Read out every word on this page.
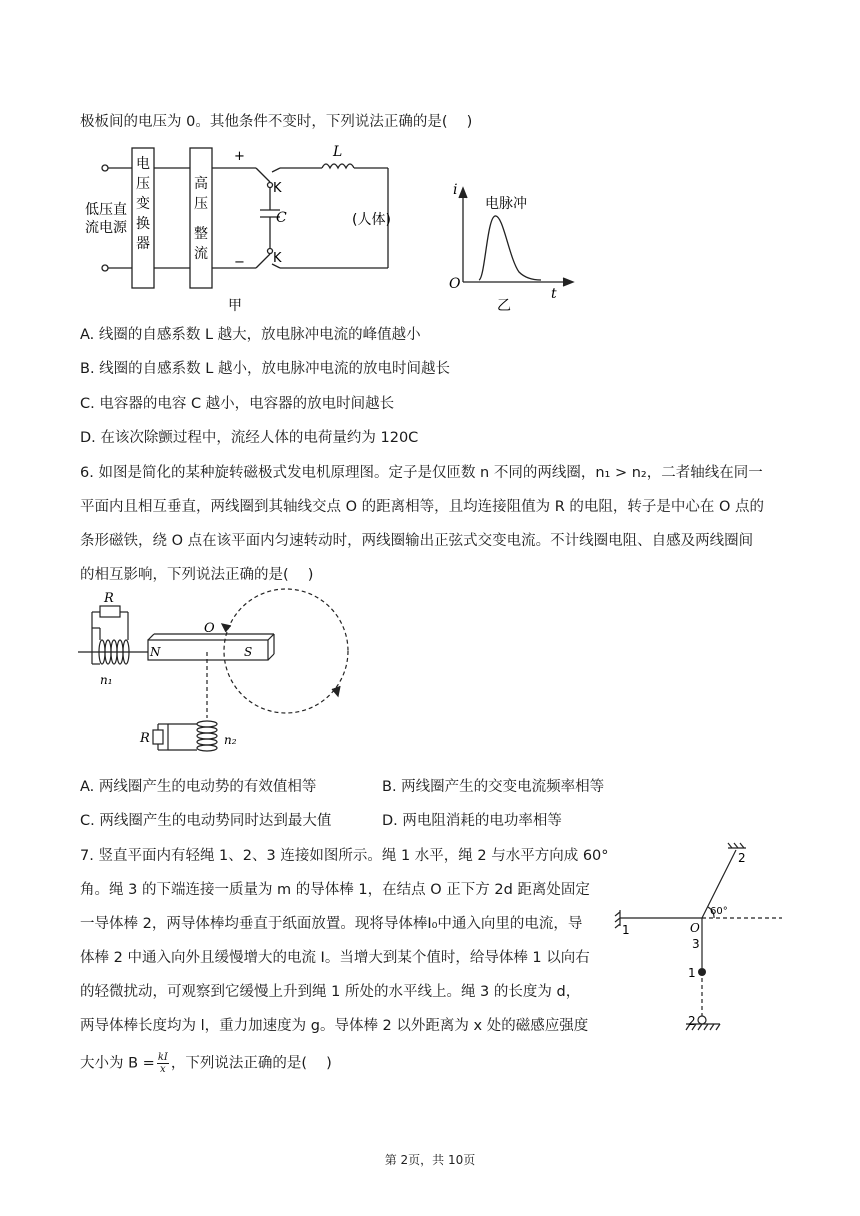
极板间的电压为 0。其他条件不变时，下列说法正确的是(　 )
低压直
流电源
电
压
变
换
器
高
压
整
流
+
−
K
K
C
L
(人体)
甲
i
t
O
电脉冲
乙
A. 线圈的自感系数 L 越大，放电脉冲电流的峰值越小
B. 线圈的自感系数 L 越小，放电脉冲电流的放电时间越长
C. 电容器的电容 C 越小，电容器的放电时间越长
D. 在该次除颤过程中，流经人体的电荷量约为 120C
6. 如图是简化的某种旋转磁极式发电机原理图。定子是仅匝数 n 不同的两线圈，n₁ > n₂，二者轴线在同一
平面内且相互垂直，两线圈到其轴线交点 O 的距离相等，且均连接阻值为 R 的电阻，转子是中心在 O 点的
条形磁铁，绕 O 点在该平面内匀速转动时，两线圈输出正弦式交变电流。不计线圈电阻、自感及两线圈间
的相互影响，下列说法正确的是(　 )
R
n₁
O
N	S
R	n₂
A. 两线圈产生的电动势的有效值相等	B. 两线圈产生的交变电流频率相等
C. 两线圈产生的电动势同时达到最大值	D. 两电阻消耗的电功率相等
7. 竖直平面内有轻绳 1、2、3 连接如图所示。绳 1 水平，绳 2 与水平方向成 60°
角。绳 3 的下端连接一质量为 m 的导体棒 1，在结点 O 正下方 2d 距离处固定
一导体棒 2，两导体棒均垂直于纸面放置。现将导体棒I₀中通入向里的电流，导
体棒 2 中通入向外且缓慢增大的电流 I。当增大到某个值时，给导体棒 1 以向右
的轻微扰动，可观察到它缓慢上升到绳 1 所处的水平线上。绳 3 的长度为 d，
两导体棒长度均为 l，重力加速度为 g。导体棒 2 以外距离为 x 处的磁感应强度
大小为 $B = \frac{kI}{x}$ ，下列说法正确的是(　 )
1
2
3
O
60°
1
2
第 2页，共 10页
